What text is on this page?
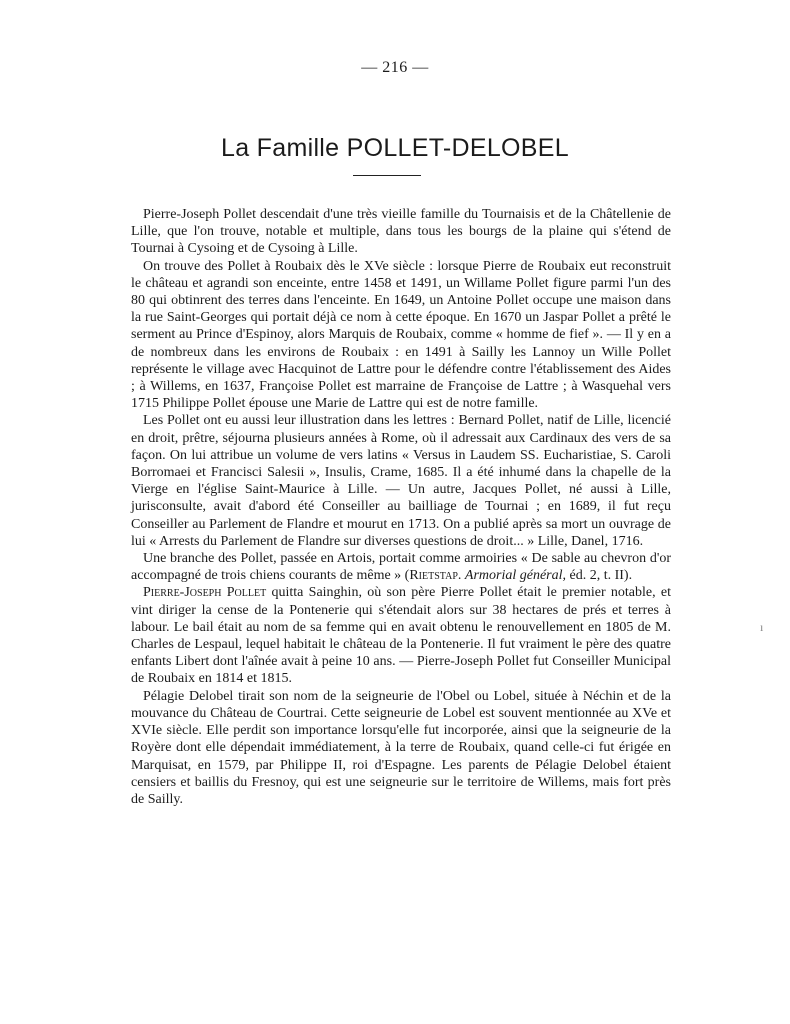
— 216 —
La Famille POLLET-DELOBEL

Pierre-Joseph Pollet descendait d'une très vieille famille du Tournaisis et de la Châtellenie de Lille, que l'on trouve, notable et multiple, dans tous les bourgs de la plaine qui s'étend de Tournai à Cysoing et de Cysoing à Lille.

On trouve des Pollet à Roubaix dès le XVe siècle : lorsque Pierre de Roubaix eut reconstruit le château et agrandi son enceinte, entre 1458 et 1491, un Willame Pollet figure parmi l'un des 80 qui obtinrent des terres dans l'enceinte. En 1649, un Antoine Pollet occupe une maison dans la rue Saint-Georges qui portait déjà ce nom à cette époque. En 1670 un Jaspar Pollet a prêté le serment au Prince d'Espinoy, alors Marquis de Roubaix, comme « homme de fief ». — Il y en a de nombreux dans les environs de Roubaix : en 1491 à Sailly les Lannoy un Wille Pollet représente le village avec Hacquinot de Lattre pour le défendre contre l'établissement des Aides ; à Willems, en 1637, Françoise Pollet est marraine de Françoise de Lattre ; à Wasquehal vers 1715 Philippe Pollet épouse une Marie de Lattre qui est de notre famille.

Les Pollet ont eu aussi leur illustration dans les lettres : Bernard Pollet, natif de Lille, licencié en droit, prêtre, séjourna plusieurs années à Rome, où il adressait aux Cardinaux des vers de sa façon. On lui attribue un volume de vers latins « Versus in Laudem SS. Eucharistiae, S. Caroli Borromaei et Francisci Salesii », Insulis, Crame, 1685. Il a été inhumé dans la chapelle de la Vierge en l'église Saint-Maurice à Lille. — Un autre, Jacques Pollet, né aussi à Lille, jurisconsulte, avait d'abord été Conseiller au bailliage de Tournai ; en 1689, il fut reçu Conseiller au Parlement de Flandre et mourut en 1713. On a publié après sa mort un ouvrage de lui « Arrests du Parlement de Flandre sur diverses questions de droit... » Lille, Danel, 1716.

Une branche des Pollet, passée en Artois, portait comme armoiries « De sable au chevron d'or accompagné de trois chiens courants de même » (Rietstap. Armorial général, éd. 2, t. II).

Pierre-Joseph Pollet quitta Sainghin, où son père Pierre Pollet était le premier notable, et vint diriger la cense de la Pontenerie qui s'étendait alors sur 38 hectares de prés et terres à labour. Le bail était au nom de sa femme qui en avait obtenu le renouvellement en 1805 de M. Charles de Lespaul, lequel habitait le château de la Pontenerie. Il fut vraiment le père des quatre enfants Libert dont l'aînée avait à peine 10 ans. — Pierre-Joseph Pollet fut Conseiller Municipal de Roubaix en 1814 et 1815.

Pélagie Delobel tirait son nom de la seigneurie de l'Obel ou Lobel, située à Néchin et de la mouvance du Château de Courtrai. Cette seigneurie de Lobel est souvent mentionnée au XVe et XVIe siècle. Elle perdit son importance lorsqu'elle fut incorporée, ainsi que la seigneurie de la Royère dont elle dépendait immédiatement, à la terre de Roubaix, quand celle-ci fut érigée en Marquisat, en 1579, par Philippe II, roi d'Espagne. Les parents de Pélagie Delobel étaient censiers et baillis du Fresnoy, qui est une seigneurie sur le territoire de Willems, mais fort près de Sailly.

ı
